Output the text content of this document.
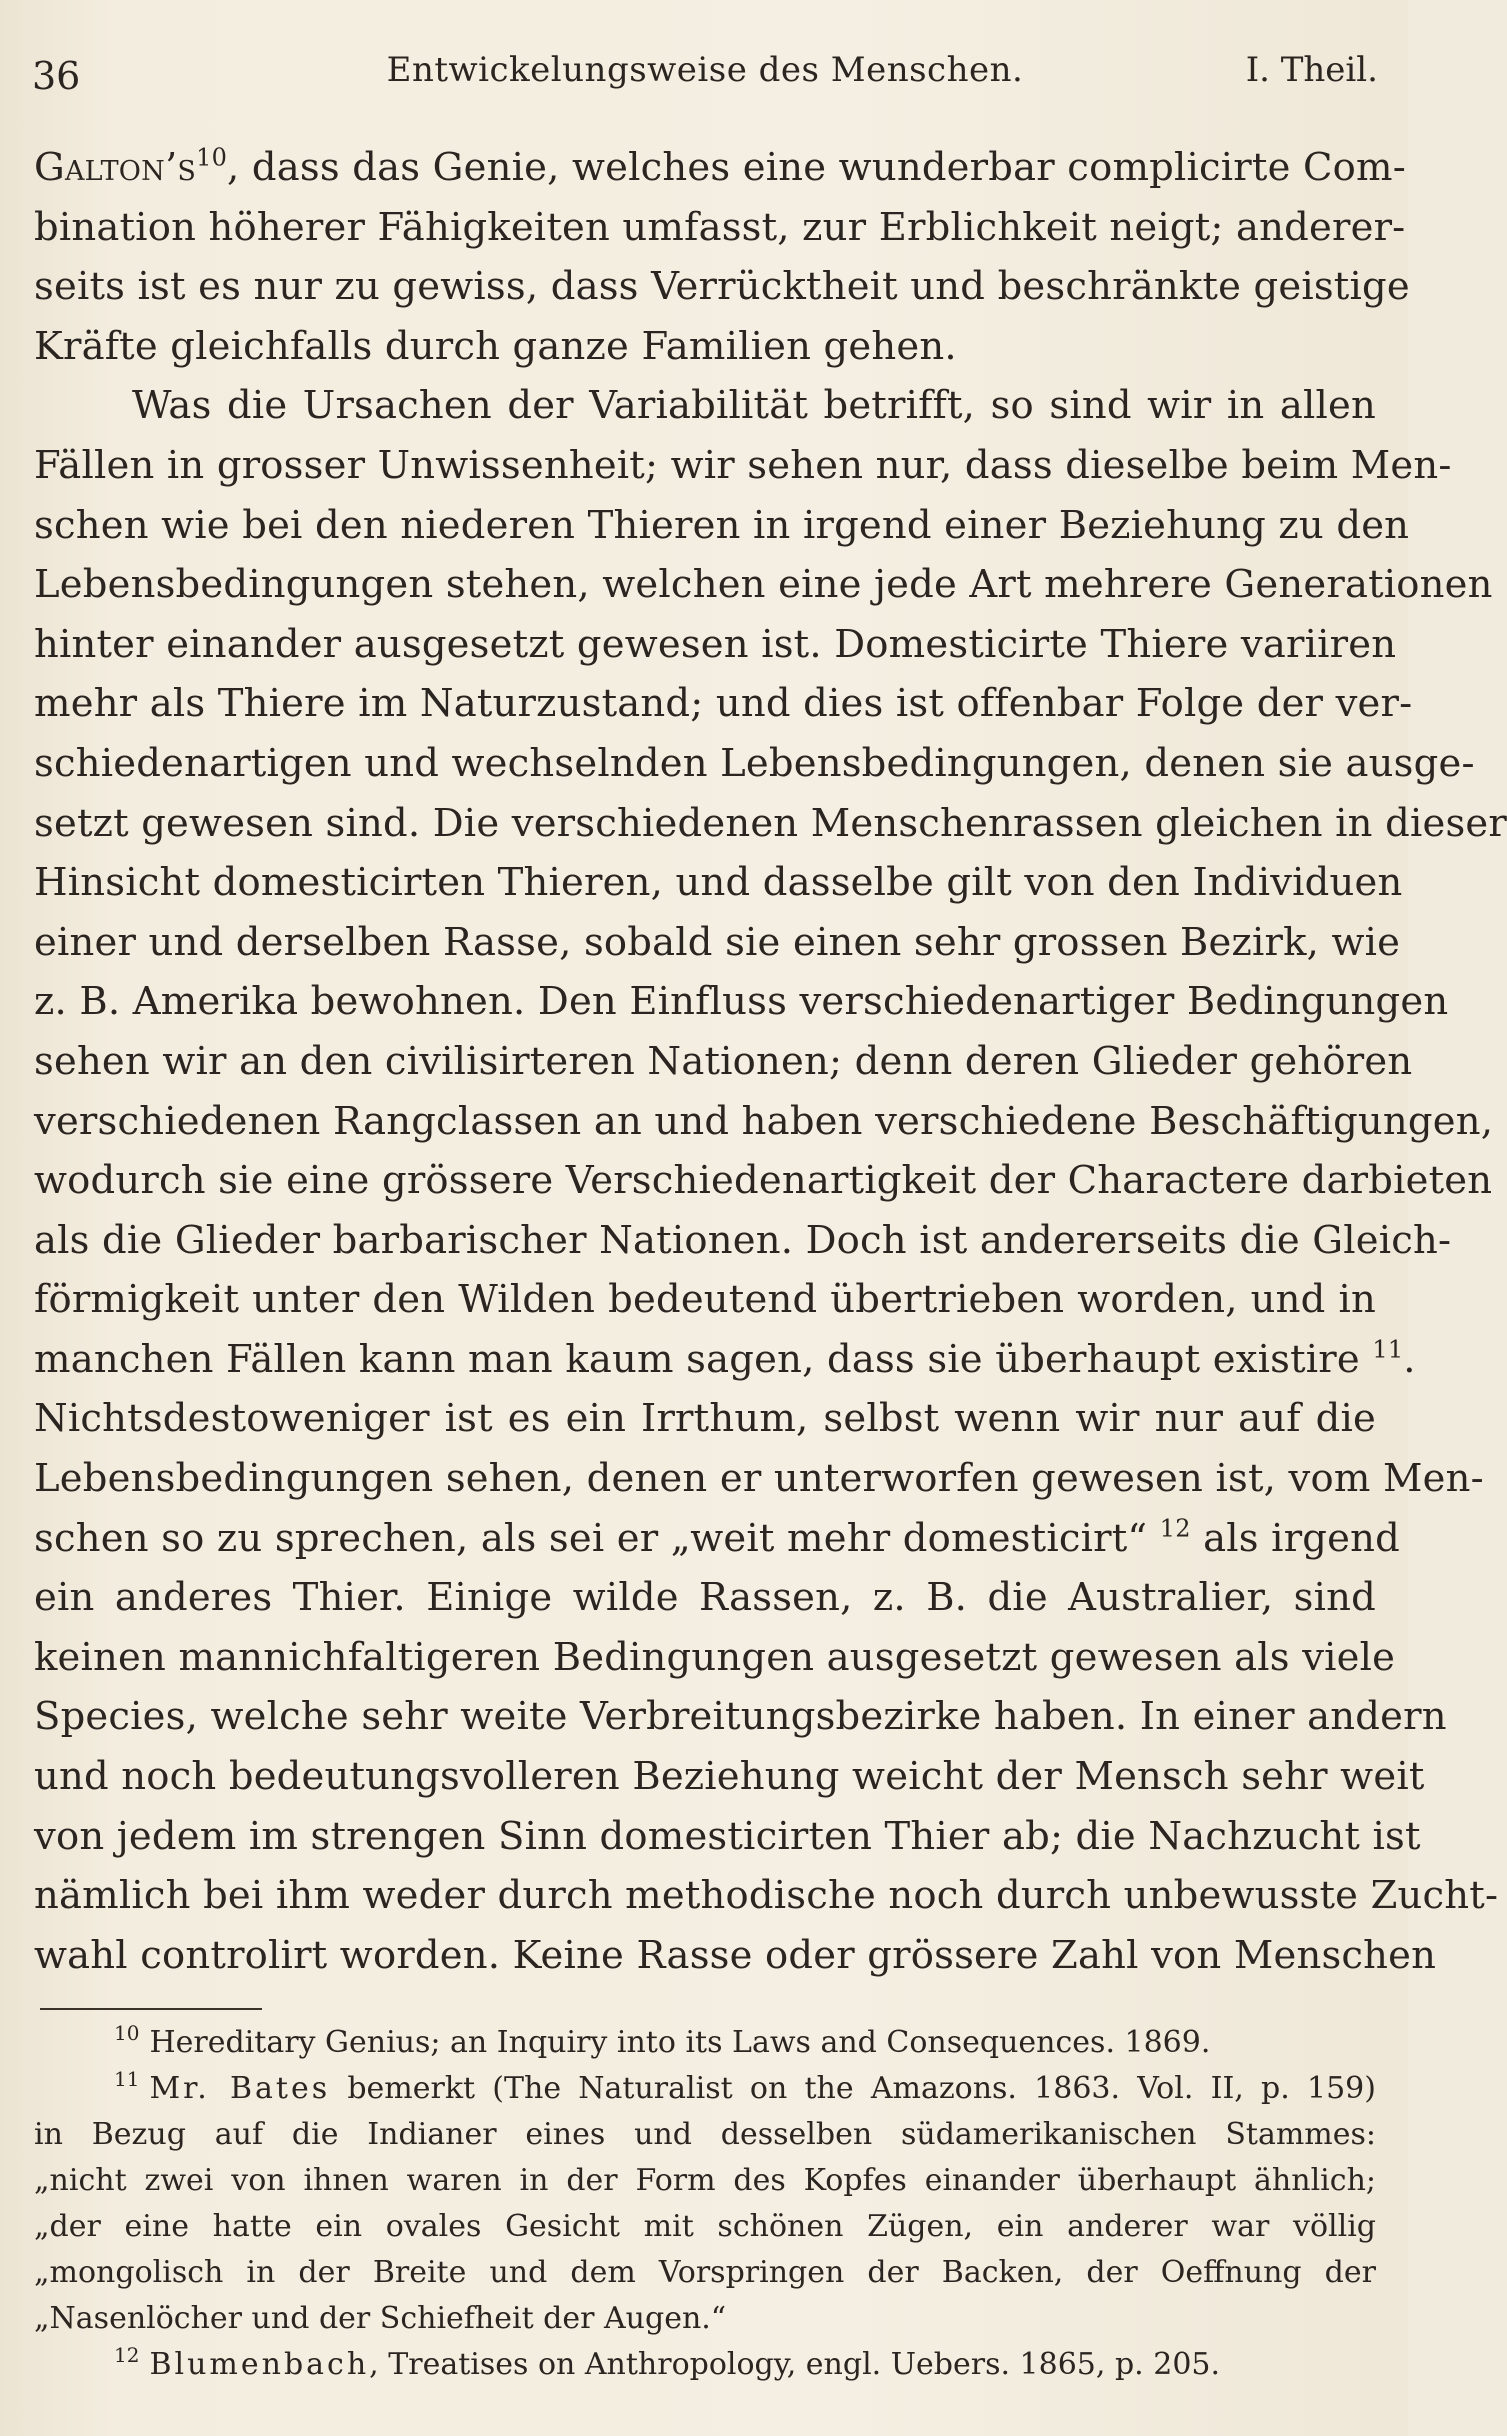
36	Entwickelungsweise des Menschen.	I. Theil.
$Galton’s^{10}$, dass das Genie, welches eine wunderbar complicirte Com-
bination höherer Fähigkeiten umfasst, zur Erblichkeit neigt; anderer-
seits ist es nur zu gewiss, dass Verrücktheit und beschränkte geistige
Kräfte gleichfalls durch ganze Familien gehen.
Was die Ursachen der Variabilität betrifft, so sind wir in allen
Fällen in grosser Unwissenheit; wir sehen nur, dass dieselbe beim Men-
schen wie bei den niederen Thieren in irgend einer Beziehung zu den
Lebensbedingungen stehen, welchen eine jede Art mehrere Generationen
hinter einander ausgesetzt gewesen ist. Domesticirte Thiere variiren
mehr als Thiere im Naturzustand; und dies ist offenbar Folge der ver-
schiedenartigen und wechselnden Lebensbedingungen, denen sie ausge-
setzt gewesen sind. Die verschiedenen Menschenrassen gleichen in dieser
Hinsicht domesticirten Thieren, und dasselbe gilt von den Individuen
einer und derselben Rasse, sobald sie einen sehr grossen Bezirk, wie
z. B. Amerika bewohnen. Den Einfluss verschiedenartiger Bedingungen
sehen wir an den civilisirteren Nationen; denn deren Glieder gehören
verschiedenen Rangclassen an und haben verschiedene Beschäftigungen,
wodurch sie eine grössere Verschiedenartigkeit der Charactere darbieten
als die Glieder barbarischer Nationen. Doch ist andererseits die Gleich-
förmigkeit unter den Wilden bedeutend übertrieben worden, und in
manchen Fällen kann man kaum sagen, dass sie überhaupt existire $^{11}$.
Nichtsdestoweniger ist es ein Irrthum, selbst wenn wir nur auf die
Lebensbedingungen sehen, denen er unterworfen gewesen ist, vom Men-
schen so zu sprechen, als sei er „weit mehr domesticirt“ $^{12}$ als irgend
ein anderes Thier. Einige wilde Rassen, z. B. die Australier, sind
keinen mannichfaltigeren Bedingungen ausgesetzt gewesen als viele
Species, welche sehr weite Verbreitungsbezirke haben. In einer andern
und noch bedeutungsvolleren Beziehung weicht der Mensch sehr weit
von jedem im strengen Sinn domesticirten Thier ab; die Nachzucht ist
nämlich bei ihm weder durch methodische noch durch unbewusste Zucht-
wahl controlirt worden. Keine Rasse oder grössere Zahl von Menschen
$^{10}$ Hereditary Genius; an Inquiry into its Laws and Consequences. 1869.
$^{11}$ Mr. Bates bemerkt (The Naturalist on the Amazons. 1863. Vol. II, p. 159)
in Bezug auf die Indianer eines und desselben südamerikanischen Stammes:
„nicht zwei von ihnen waren in der Form des Kopfes einander überhaupt ähnlich;
„der eine hatte ein ovales Gesicht mit schönen Zügen, ein anderer war völlig
„mongolisch in der Breite und dem Vorspringen der Backen, der Oeffnung der
„Nasenlöcher und der Schiefheit der Augen.“
$^{12}$ Blumenbach, Treatises on Anthropology, engl. Uebers. 1865, p. 205.
